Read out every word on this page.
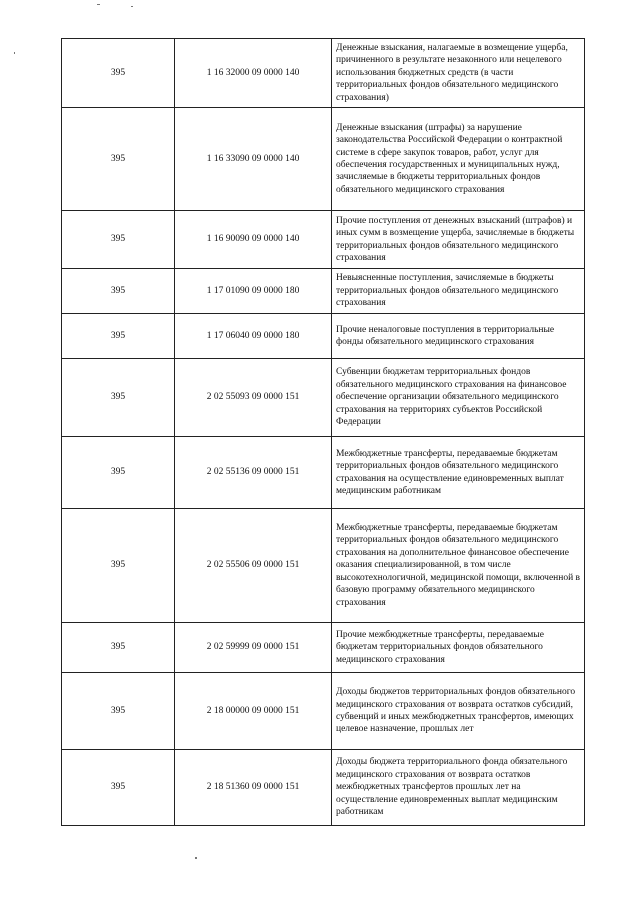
395	1 16 32000 09 0000 140	Денежные взыскания, налагаемые в возмещение ущерба, причиненного в результате незаконного или нецелевого использования бюджетных средств (в части территориальных фондов обязательного медицинского страхования)
395	1 16 33090 09 0000 140	Денежные взыскания (штрафы) за нарушение законодательства Российской Федерации о контрактной системе в сфере закупок товаров, работ, услуг для обеспечения государственных и муниципальных нужд, зачисляемые в бюджеты территориальных фондов обязательного медицинского страхования
395	1 16 90090 09 0000 140	Прочие поступления от денежных взысканий (штрафов) и иных сумм в возмещение ущерба, зачисляемые в бюджеты территориальных фондов обязательного медицинского страхования
395	1 17 01090 09 0000 180	Невыясненные поступления, зачисляемые в бюджеты территориальных фондов обязательного медицинского страхования
395	1 17 06040 09 0000 180	Прочие неналоговые поступления в территориальные фонды обязательного медицинского страхования
395	2 02 55093 09 0000 151	Субвенции бюджетам территориальных фондов обязательного медицинского страхования на финансовое обеспечение организации обязательного медицинского страхования на территориях субъектов Российской Федерации
395	2 02 55136 09 0000 151	Межбюджетные трансферты, передаваемые бюджетам территориальных фондов обязательного медицинского страхования на осуществление единовременных выплат медицинским работникам
395	2 02 55506 09 0000 151	Межбюджетные трансферты, передаваемые бюджетам территориальных фондов обязательного медицинского страхования на дополнительное финансовое обеспечение оказания специализированной, в том числе высокотехнологичной, медицинской помощи, включенной в базовую программу обязательного медицинского страхования
395	2 02 59999 09 0000 151	Прочие межбюджетные трансферты, передаваемые бюджетам территориальных фондов обязательного медицинского страхования
395	2 18 00000 09 0000 151	Доходы бюджетов территориальных фондов обязательного медицинского страхования от возврата остатков субсидий, субвенций и иных межбюджетных трансфертов, имеющих целевое назначение, прошлых лет
395	2 18 51360 09 0000 151	Доходы бюджета территориального фонда обязательного медицинского страхования от возврата остатков межбюджетных трансфертов прошлых лет на осуществление единовременных выплат медицинским работникам
